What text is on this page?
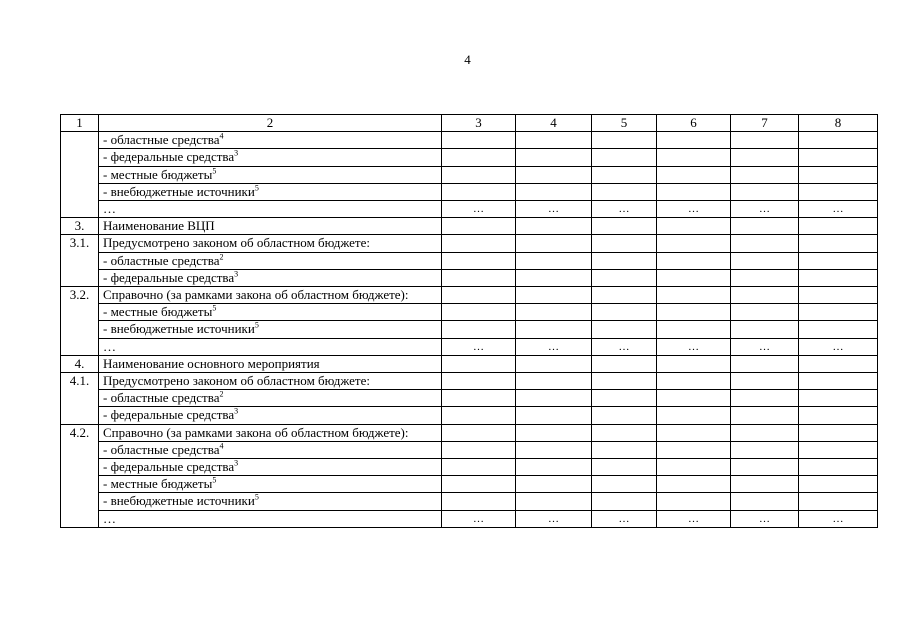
4
1	2	3	4	5	6	7	8
	- областные средства$^4$						
	- федеральные средства$^3$						
	- местные бюджеты$^5$						
	- внебюджетные источники$^5$						
	…	…	…	…	…	…	…
3.	Наименование ВЦП						
3.1.	Предусмотрено законом об областном бюджете:						
	- областные средства$^2$						
	- федеральные средства$^3$						
3.2.	Справочно (за рамками закона об областном бюджете):						
	- местные бюджеты$^5$						
	- внебюджетные источники$^5$						
	…	…	…	…	…	…	…
4.	Наименование основного мероприятия						
4.1.	Предусмотрено законом об областном бюджете:						
	- областные средства$^2$						
	- федеральные средства$^3$						
4.2.	Справочно (за рамками закона об областном бюджете):						
	- областные средства$^4$						
	- федеральные средства$^3$						
	- местные бюджеты$^5$						
	- внебюджетные источники$^5$						
	…	…	…	…	…	…	…
